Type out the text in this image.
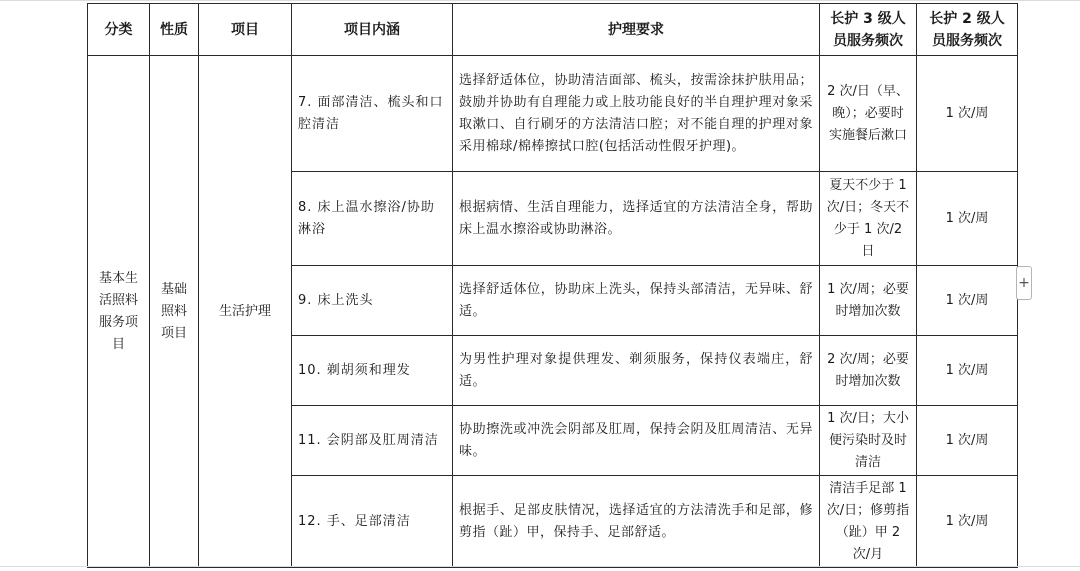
分类	性质	项目	项目内涵	护理要求	长护 3 级人员服务频次	长护 2 级人员服务频次
基本生活照料服务项目	基础照料项目	生活护理	7. 面部清洁、梳头和口腔清洁	选择舒适体位，协助清洁面部、梳头，按需涂抹护肤用品；鼓励并协助有自理能力或上肢功能良好的半自理护理对象采取漱口、自行刷牙的方法清洁口腔；对不能自理的护理对象采用棉球/棉棒擦拭口腔(包括活动性假牙护理)。	2 次/日（早、晚）；必要时实施餐后漱口	1 次/周
			8. 床上温水擦浴/协助淋浴	根据病情、生活自理能力，选择适宜的方法清洁全身，帮助床上温水擦浴或协助淋浴。	夏天不少于 1 次/日；冬天不少于 1 次/2 日	1 次/周
			9. 床上洗头	选择舒适体位，协助床上洗头，保持头部清洁，无异味、舒适。	1 次/周；必要时增加次数	1 次/周
			10. 剃胡须和理发	为男性护理对象提供理发、剃须服务，保持仪表端庄，舒适。	2 次/周；必要时增加次数	1 次/周
			11. 会阴部及肛周清洁	协助擦洗或冲洗会阴部及肛周，保持会阴及肛周清洁、无异味。	1 次/日；大小便污染时及时清洁	1 次/周
			12. 手、足部清洁	根据手、足部皮肤情况，选择适宜的方法清洗手和足部，修剪指（趾）甲，保持手、足部舒适。	清洁手足部 1 次/日；修剪指（趾）甲 2 次/月	1 次/周
+
